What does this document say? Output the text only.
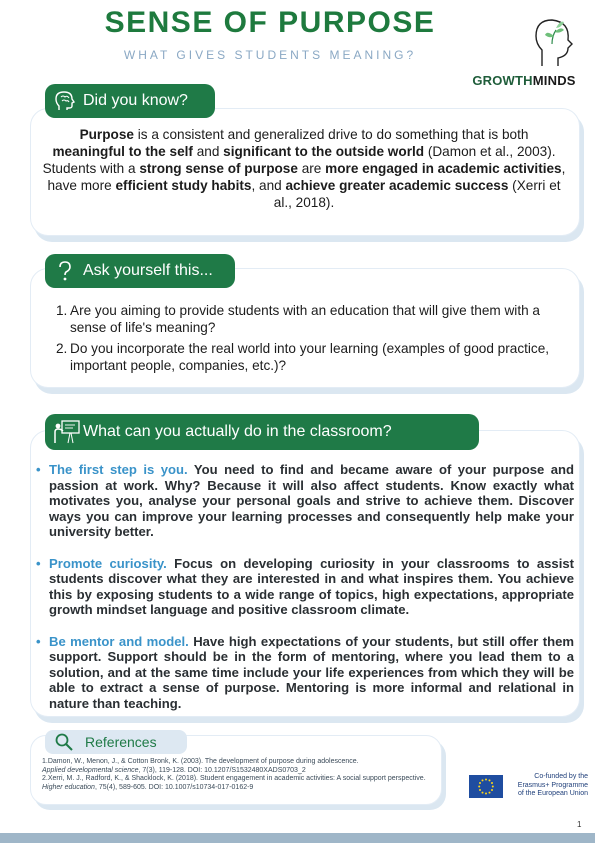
SENSE OF PURPOSE
WHAT GIVES STUDENTS MEANING?
GROWTHMINDS
Did you know?
Purpose is a consistent and generalized drive to do something that is both meaningful to the self and significant to the outside world (Damon et al., 2003). Students with a strong sense of purpose are more engaged in academic activities, have more efficient study habits, and achieve greater academic success (Xerri et al., 2018).
Ask yourself this...
1. Are you aiming to provide students with an education that will give them with a sense of life's meaning?
2. Do you incorporate the real world into your learning (examples of good practice, important people, companies, etc.)?
What can you actually do in the classroom?
• The first step is you. You need to find and became aware of your purpose and passion at work. Why? Because it will also affect students. Know exactly what motivates you, analyse your personal goals and strive to achieve them. Discover ways you can improve your learning processes and consequently help make your university better.
• Promote curiosity. Focus on developing curiosity in your classrooms to assist students discover what they are interested in and what inspires them. You achieve this by exposing students to a wide range of topics, high expectations, appropriate growth mindset language and positive classroom climate.
• Be mentor and model. Have high expectations of your students, but still offer them support. Support should be in the form of mentoring, where you lead them to a solution, and at the same time include your life experiences from which they will be able to extract a sense of purpose. Mentoring is more informal and relational in nature than teaching.
References
1.Damon, W., Menon, J., & Cotton Bronk, K. (2003). The development of purpose during adolescence.
Applied developmental science, 7(3), 119-128. DOI: 10.1207/S1532480XADS0703_2
2.Xerri, M. J., Radford, K., & Shacklock, K. (2018). Student engagement in academic activities: A social support perspective. Higher education, 75(4), 589-605. DOI: 10.1007/s10734-017-0162-9
Co-funded by the
Erasmus+ Programme
of the European Union
1
